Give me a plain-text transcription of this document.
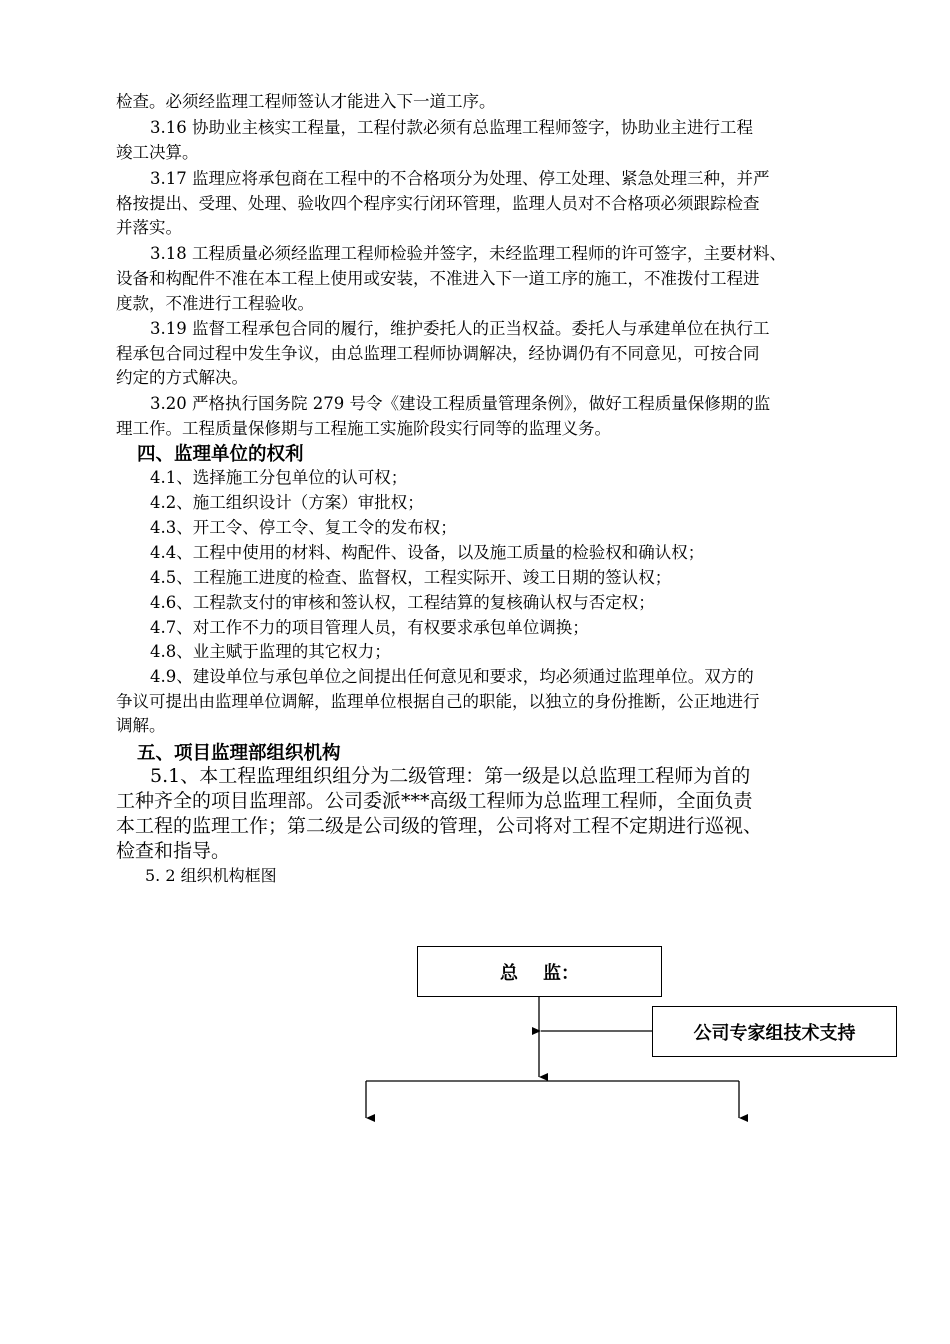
检查。必须经监理工程师签认才能进入下一道工序。
3.16 协助业主核实工程量，工程付款必须有总监理工程师签字，协助业主进行工程
竣工决算。
3.17 监理应将承包商在工程中的不合格项分为处理、停工处理、紧急处理三种，并严
格按提出、受理、处理、验收四个程序实行闭环管理，监理人员对不合格项必须跟踪检查
并落实。
3.18 工程质量必须经监理工程师检验并签字，未经监理工程师的许可签字，主要材料、
设备和构配件不准在本工程上使用或安装，不准进入下一道工序的施工，不准拨付工程进
度款，不准进行工程验收。
3.19 监督工程承包合同的履行，维护委托人的正当权益。委托人与承建单位在执行工
程承包合同过程中发生争议，由总监理工程师协调解决，经协调仍有不同意见，可按合同
约定的方式解决。
3.20 严格执行国务院 279 号令《建设工程质量管理条例》，做好工程质量保修期的监
理工作。工程质量保修期与工程施工实施阶段实行同等的监理义务。
四、监理单位的权利
4.1、选择施工分包单位的认可权；
4.2、施工组织设计（方案）审批权；
4.3、开工令、停工令、复工令的发布权；
4.4、工程中使用的材料、构配件、设备，以及施工质量的检验权和确认权；
4.5、工程施工进度的检查、监督权，工程实际开、竣工日期的签认权；
4.6、工程款支付的审核和签认权，工程结算的复核确认权与否定权；
4.7、对工作不力的项目管理人员，有权要求承包单位调换；
4.8、业主赋于监理的其它权力；
4.9、建设单位与承包单位之间提出任何意见和要求，均必须通过监理单位。双方的
争议可提出由监理单位调解，监理单位根据自己的职能，以独立的身份推断，公正地进行
调解。
五、项目监理部组织机构
5.1、本工程监理组织组分为二级管理：第一级是以总监理工程师为首的
工种齐全的项目监理部。公司委派***高级工程师为总监理工程师，全面负责
本工程的监理工作；第二级是公司级的管理，公司将对工程不定期进行巡视、
检查和指导。
5. 2 组织机构框图
总    监：
公司专家组技术支持
